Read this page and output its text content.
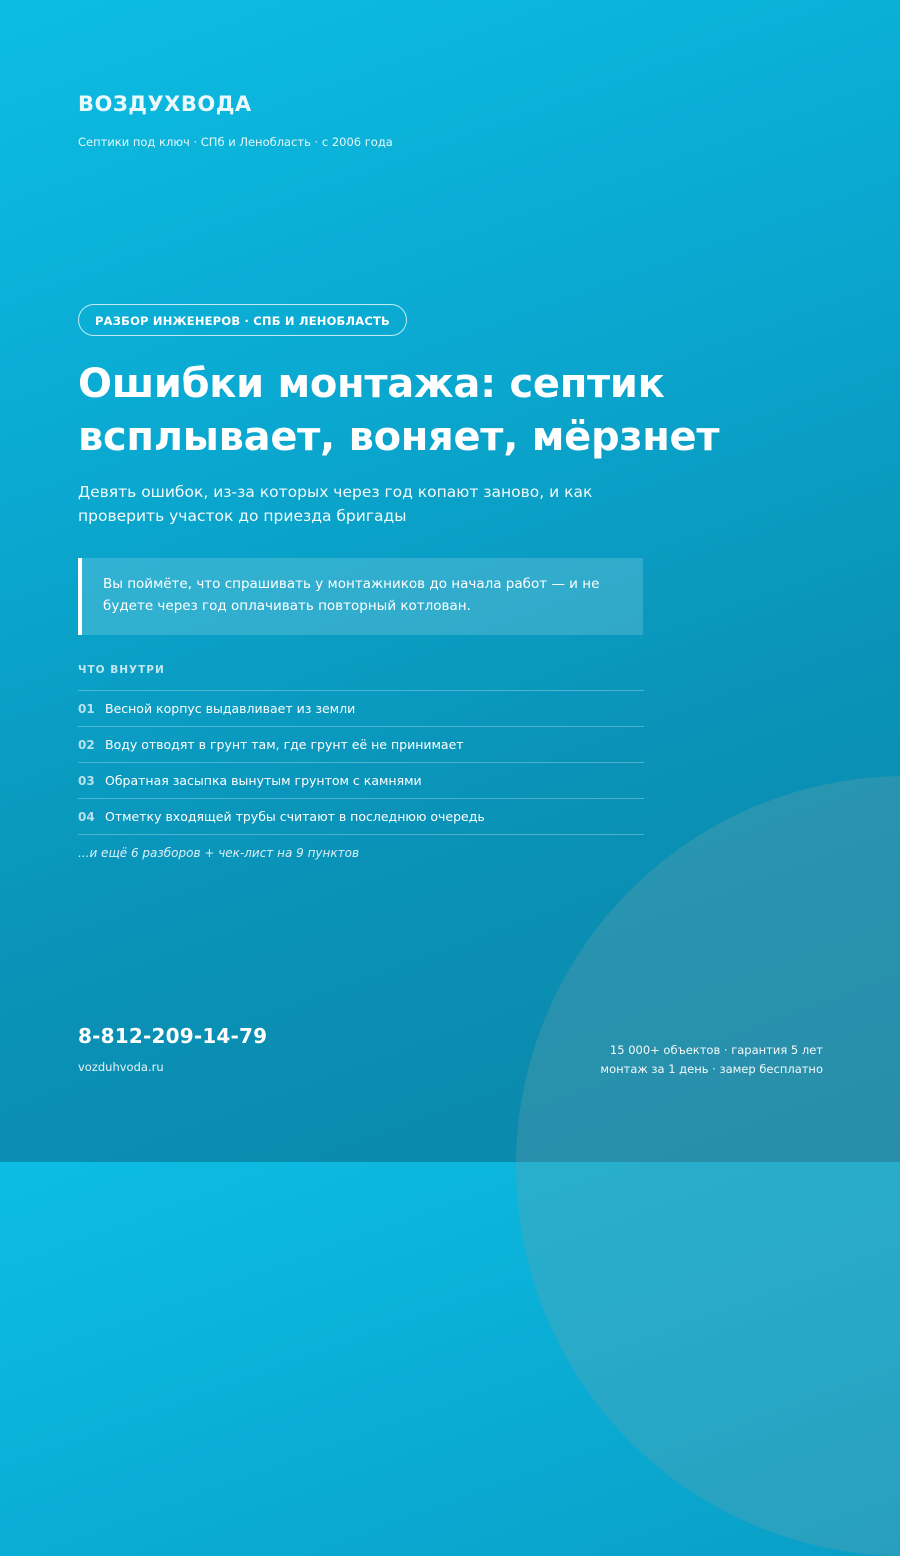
ВОЗДУХВОДА
Септики под ключ · СПб и Ленобласть · с 2006 года
РАЗБОР ИНЖЕНЕРОВ · СПБ И ЛЕНОБЛАСТЬ
Ошибки монтажа: септик всплывает, воняет, мёрзнет

Девять ошибок, из-за которых через год копают заново, и как проверить участок до приезда бригады

Вы поймёте, что спрашивать у монтажников до начала работ — и не будете через год оплачивать повторный котлован.
ЧТО ВНУТРИ
01 Весной корпус выдавливает из земли
02 Воду отводят в грунт там, где грунт её не принимает
03 Обратная засыпка вынутым грунтом с камнями
04 Отметку входящей трубы считают в последнюю очередь
...и ещё 6 разборов + чек-лист на 9 пунктов
8-812-209-14-79
vozduhvoda.ru
15 000+ объектов · гарантия 5 лет
монтаж за 1 день · замер бесплатно
